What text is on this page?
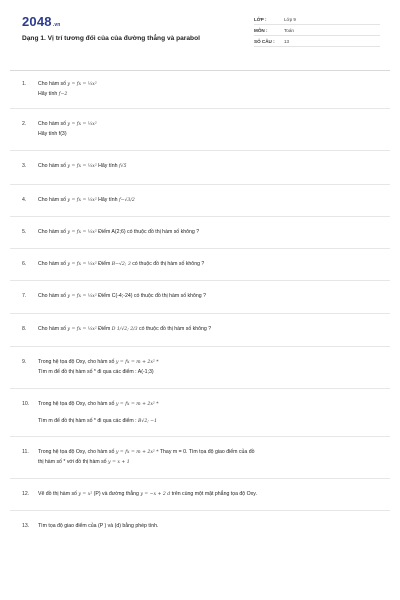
2048.vn
Dạng 1. Vị trí tương đối của của đường thẳng và parabol
LỚP :	Lớp 9
MÔN :	Toán
SỐ CÂU :	13
1. Cho hàm số y = fx = ⅓x²
Hãy tính f−2
2. Cho hàm số y = fx = ⅓x²
Hãy tính f(3)
3. Cho hàm số y = fx = ⅓x² Hãy tính f√5
4. Cho hàm số y = fx = ⅓x² Hãy tính f−√3/2
5. Cho hàm số y = fx = ⅓x² Điểm A(2;6) có thuộc đồ thị hàm số không ?
6. Cho hàm số y = fx = ⅓x² Điểm B−√2; 3 có thuộc đồ thị hàm số không ?
7. Cho hàm số y = fx = ⅓x² Điểm C(-4;-24) có thuộc đồ thị hàm số không ?
8. Cho hàm số y = fx = ⅓x² Điểm D 1/√2; 2/3 có thuộc đồ thị hàm số không ?
9. Trong hệ tọa độ Oxy, cho hàm số y = fx = m + 2x² *
Tìm m để đồ thị hàm số * đi qua các điểm : A(-1;3)
10. Trong hệ tọa độ Oxy, cho hàm số y = fx = m + 2x² *
Tìm m để đồ thị hàm số * đi qua các điểm : B√2; −1
11. Trong hệ tọa độ Oxy, cho hàm số y = fx = m + 2x² * Thay m = 0. Tìm tọa độ giao điểm của đồ
thị hàm số * với đồ thị hàm số y = x + 1
12. Vẽ đồ thị hàm số y = x² (P) và đường thẳng y = −x + 2 d trên cùng một mặt phẳng tọa độ Oxy.
13. Tìm tọa độ giao điểm của (P ) và (d) bằng phép tính.
